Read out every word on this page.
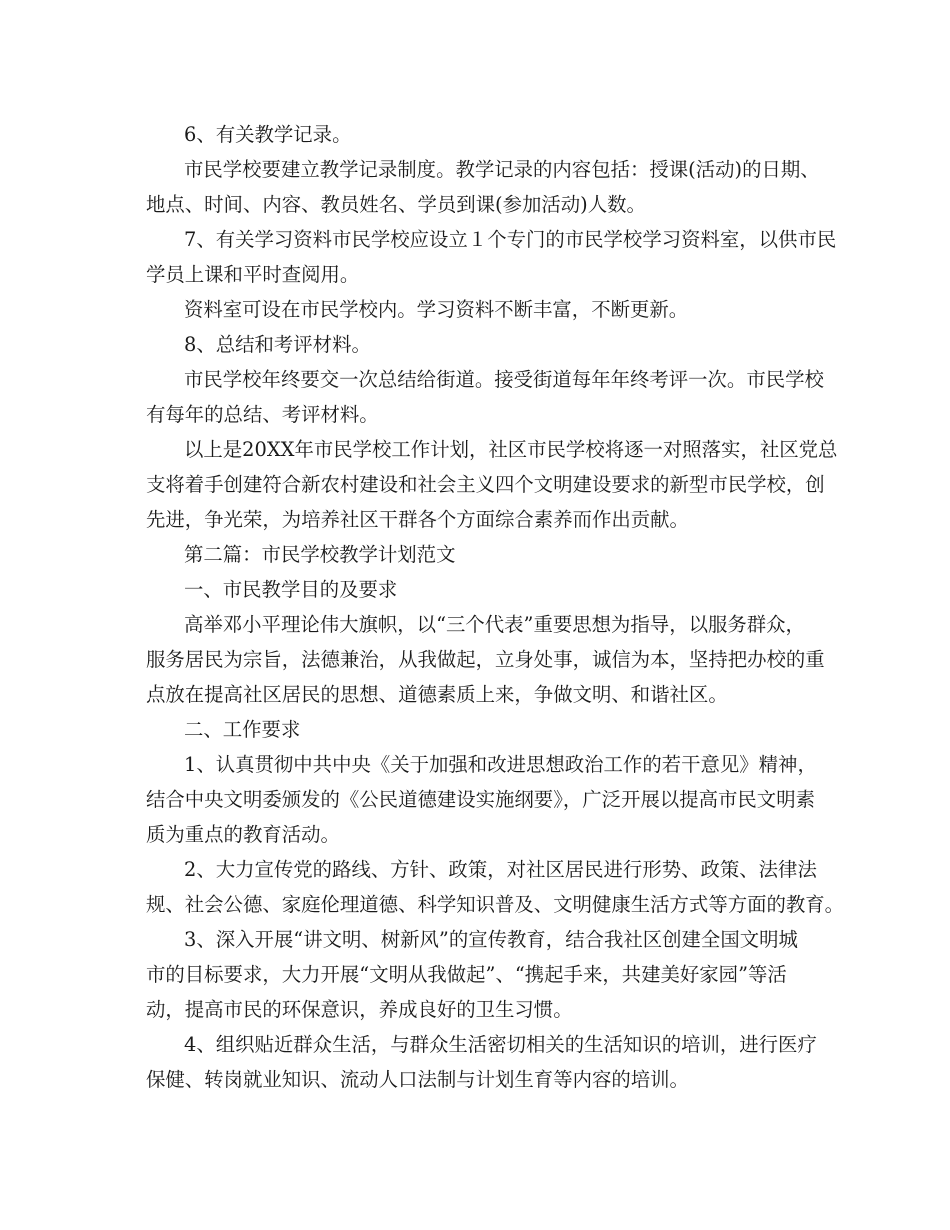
6、有关教学记录。
市民学校要建立教学记录制度。教学记录的内容包括：授课(活动)的日期、
地点、时间、内容、教员姓名、学员到课(参加活动)人数。
7、有关学习资料市民学校应设立１个专门的市民学校学习资料室，以供市民
学员上课和平时查阅用。
资料室可设在市民学校内。学习资料不断丰富，不断更新。
8、总结和考评材料。
市民学校年终要交一次总结给街道。接受街道每年年终考评一次。市民学校
有每年的总结、考评材料。
以上是20XX年市民学校工作计划，社区市民学校将逐一对照落实，社区党总
支将着手创建符合新农村建设和社会主义四个文明建设要求的新型市民学校，创
先进，争光荣，为培养社区干群各个方面综合素养而作出贡献。
第二篇：市民学校教学计划范文
一、市民教学目的及要求
高举邓小平理论伟大旗帜，以“三个代表”重要思想为指导，以服务群众，
服务居民为宗旨，法德兼治，从我做起，立身处事，诚信为本，坚持把办校的重
点放在提高社区居民的思想、道德素质上来，争做文明、和谐社区。
二、工作要求
1、认真贯彻中共中央《关于加强和改进思想政治工作的若干意见》精神，
结合中央文明委颁发的《公民道德建设实施纲要》，广泛开展以提高市民文明素
质为重点的教育活动。
2、大力宣传党的路线、方针、政策，对社区居民进行形势、政策、法律法
规、社会公德、家庭伦理道德、科学知识普及、文明健康生活方式等方面的教育。
3、深入开展“讲文明、树新风”的宣传教育，结合我社区创建全国文明城
市的目标要求，大力开展“文明从我做起”、“携起手来，共建美好家园”等活
动，提高市民的环保意识，养成良好的卫生习惯。
4、组织贴近群众生活，与群众生活密切相关的生活知识的培训，进行医疗
保健、转岗就业知识、流动人口法制与计划生育等内容的培训。
